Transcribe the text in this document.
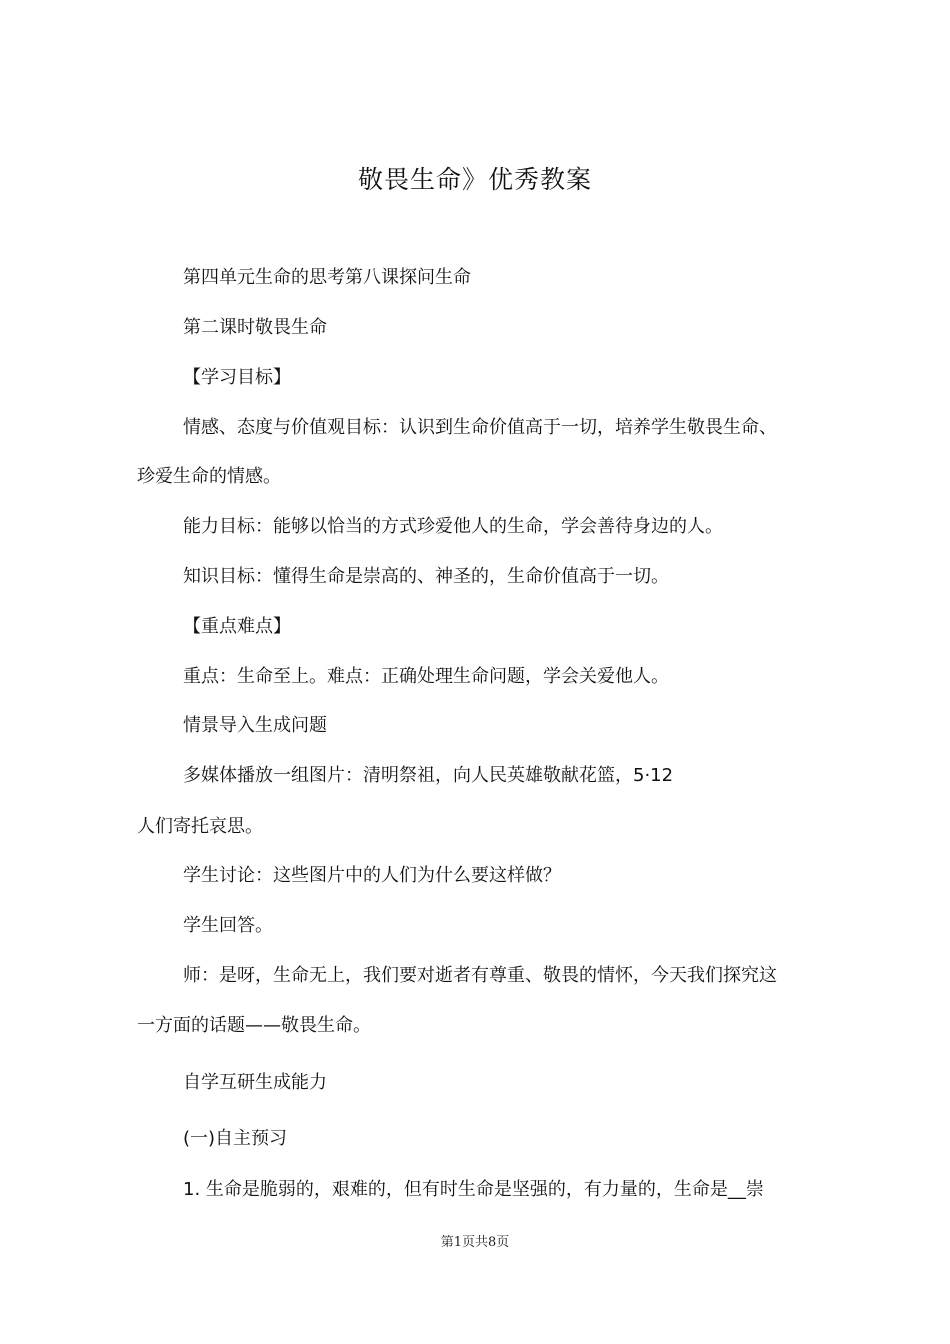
敬畏生命》优秀教案

第四单元生命的思考第八课探问生命

第二课时敬畏生命

【学习目标】

情感、态度与价值观目标：认识到生命价值高于一切，培养学生敬畏生命、

珍爱生命的情感。

能力目标：能够以恰当的方式珍爱他人的生命，学会善待身边的人。

知识目标：懂得生命是崇高的、神圣的，生命价值高于一切。

【重点难点】

重点：生命至上。难点：正确处理生命问题，学会关爱他人。

情景导入生成问题

多媒体播放一组图片：清明祭祖，向人民英雄敬献花篮，5·12

人们寄托哀思。

学生讨论：这些图片中的人们为什么要这样做？

学生回答。

师：是呀，生命无上，我们要对逝者有尊重、敬畏的情怀，今天我们探究这

一方面的话题——敬畏生命。

自学互研生成能力

(一)自主预习

1. 生命是脆弱的，艰难的，但有时生命是坚强的，有力量的，生命是__崇

第1页共8页
